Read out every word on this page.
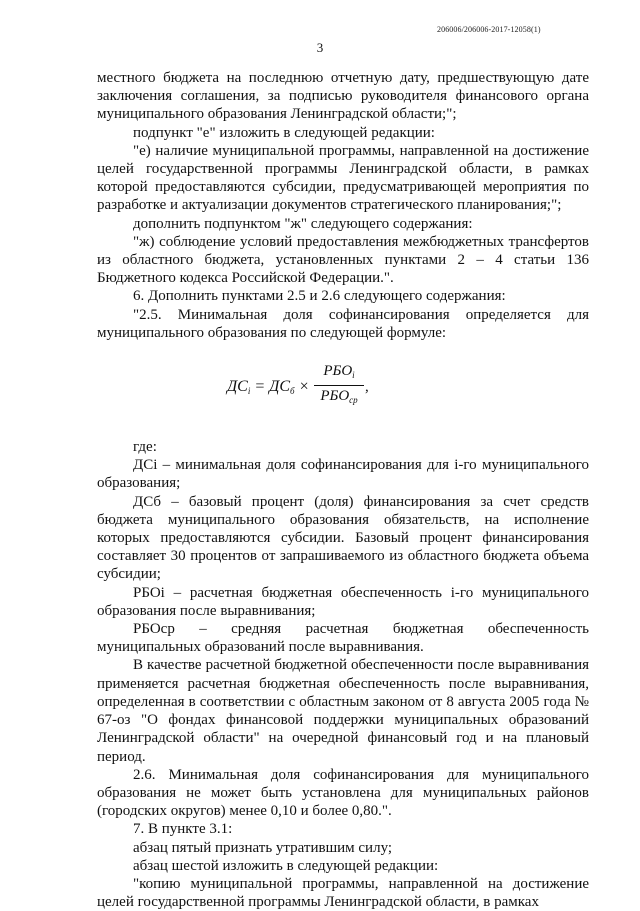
206006/206006-2017-12058(1)
3

местного бюджета на последнюю отчетную дату, предшествующую дате заключения соглашения, за подписью руководителя финансового органа муниципального образования Ленинградской области;";

подпункт "е" изложить в следующей редакции:

"е) наличие муниципальной программы, направленной на достижение целей государственной программы Ленинградской области, в рамках которой предоставляются субсидии, предусматривающей мероприятия по разработке и актуализации документов стратегического планирования;";

дополнить подпунктом "ж" следующего содержания:

"ж) соблюдение условий предоставления межбюджетных трансфертов из областного бюджета, установленных пунктами 2 – 4 статьи 136 Бюджетного кодекса Российской Федерации.".

6. Дополнить пунктами 2.5 и 2.6 следующего содержания:

"2.5. Минимальная доля софинансирования определяется для муниципального образования по следующей формуле:

$ДС_i = ДС_б$ ×
$РБО_i$
$РБО_{ср}$
,

где:

ДСi – минимальная доля софинансирования для i-го муниципального образования;

ДСб – базовый процент (доля) финансирования за счет средств бюджета муниципального образования обязательств, на исполнение которых предоставляются субсидии. Базовый процент финансирования составляет 30 процентов от запрашиваемого из областного бюджета объема субсидии;

РБОi – расчетная бюджетная обеспеченность i-го муниципального образования после выравнивания;

РБОср – средняя расчетная бюджетная обеспеченность муниципальных образований после выравнивания.

В качестве расчетной бюджетной обеспеченности после выравнивания применяется расчетная бюджетная обеспеченность после выравнивания, определенная в соответствии с областным законом от 8 августа 2005 года № 67-оз "О фондах финансовой поддержки муниципальных образований Ленинградской области" на очередной финансовый год и на плановый период.

2.6. Минимальная доля софинансирования для муниципального образования не может быть установлена для муниципальных районов (городских округов) менее 0,10 и более 0,80.".

7. В пункте 3.1:

абзац пятый признать утратившим силу;

абзац шестой изложить в следующей редакции:

"копию муниципальной программы, направленной на достижение целей государственной программы Ленинградской области, в рамках
